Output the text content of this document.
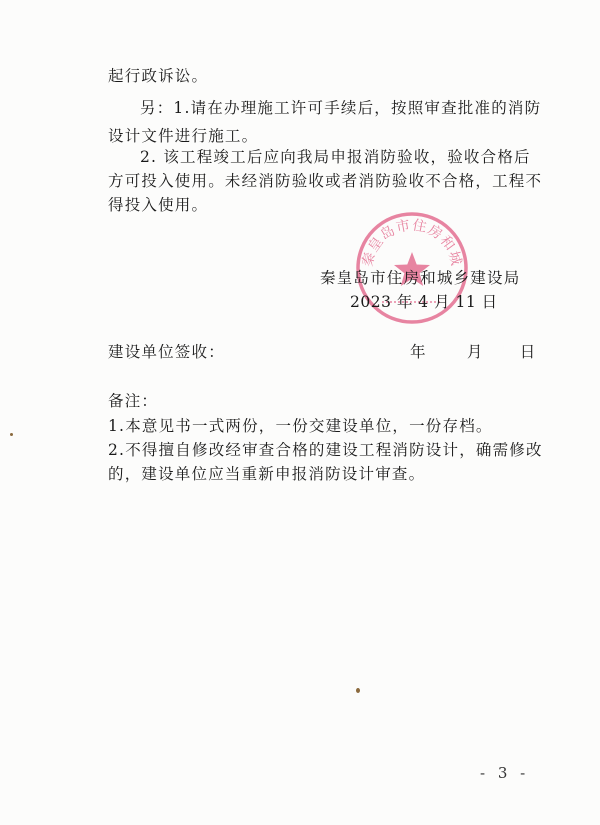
起行政诉讼。
另：1.请在办理施工许可手续后，按照审查批准的消防
设计文件进行施工。
2. 该工程竣工后应向我局申报消防验收，验收合格后
方可投入使用。未经消防验收或者消防验收不合格，工程不
得投入使用。
秦皇岛市住房和城
秦皇岛市住房和城乡建设局
2023 年 4 月 11 日
建设单位签收：	年	月 日
备注：
1.本意见书一式两份，一份交建设单位，一份存档。
2.不得擅自修改经审查合格的建设工程消防设计，确需修改
的，建设单位应当重新申报消防设计审查。
- 3 -
